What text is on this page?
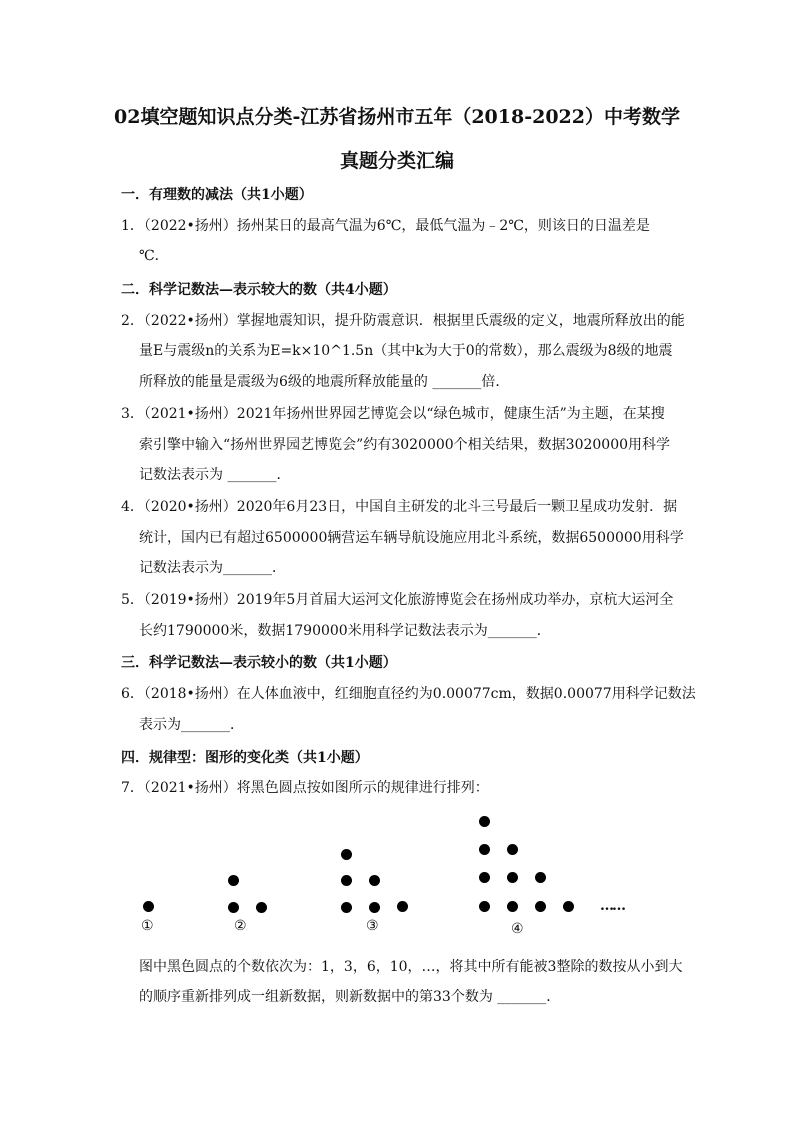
02填空题知识点分类-江苏省扬州市五年（2018-2022）中考数学
真题分类汇编
一．有理数的减法（共1小题）
1．（2022•扬州）扬州某日的最高气温为6℃，最低气温为﹣2℃，则该日的日温差是
℃．
二．科学记数法—表示较大的数（共4小题）
2．（2022•扬州）掌握地震知识，提升防震意识．根据里氏震级的定义，地震所释放出的能
量E与震级n的关系为E=k×10^1.5n（其中k为大于0的常数），那么震级为8级的地震
所释放的能量是震级为6级的地震所释放能量的 _______倍．
3．（2021•扬州）2021年扬州世界园艺博览会以“绿色城市，健康生活”为主题，在某搜
索引擎中输入“扬州世界园艺博览会”约有3020000个相关结果，数据3020000用科学
记数法表示为 _______．
4．（2020•扬州）2020年6月23日，中国自主研发的北斗三号最后一颗卫星成功发射．据
统计，国内已有超过6500000辆营运车辆导航设施应用北斗系统，数据6500000用科学
记数法表示为_______．
5．（2019•扬州）2019年5月首届大运河文化旅游博览会在扬州成功举办，京杭大运河全
长约1790000米，数据1790000米用科学记数法表示为_______．
三．科学记数法—表示较小的数（共1小题）
6．（2018•扬州）在人体血液中，红细胞直径约为0.00077cm，数据0.00077用科学记数法
表示为_______．
四．规律型：图形的变化类（共1小题）
7．（2021•扬州）将黑色圆点按如图所示的规律进行排列：
①	②	③	④
……
图中黑色圆点的个数依次为：1，3，6，10，…，将其中所有能被3整除的数按从小到大
的顺序重新排列成一组新数据，则新数据中的第33个数为 _______．
